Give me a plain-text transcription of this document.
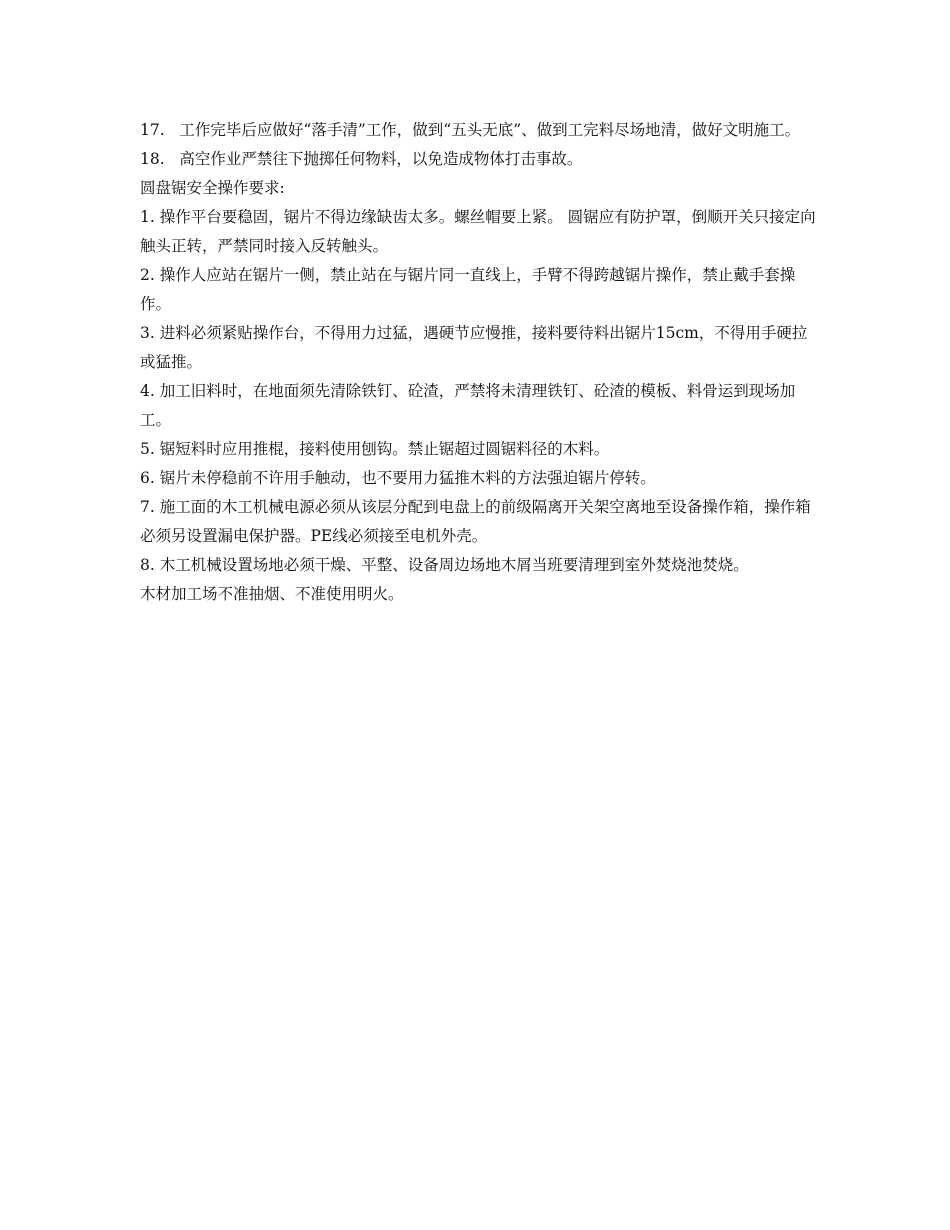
17.   工作完毕后应做好“落手清”工作，做到“五头无底”、做到工完料尽场地清，做好文明施工。

18.   高空作业严禁往下抛掷任何物料，以免造成物体打击事故。

圆盘锯安全操作要求:

1. 操作平台要稳固，锯片不得边缘缺齿太多。螺丝帽要上紧。 圆锯应有防护罩，倒顺开关只接定向触头正转，严禁同时接入反转触头。

2. 操作人应站在锯片一侧，禁止站在与锯片同一直线上，手臂不得跨越锯片操作，禁止戴手套操作。

3. 进料必须紧贴操作台，不得用力过猛，遇硬节应慢推，接料要待料出锯片15cm，不得用手硬拉或猛推。

4. 加工旧料时，在地面须先清除铁钉、砼渣，严禁将未清理铁钉、砼渣的模板、料骨运到现场加工。

5. 锯短料时应用推棍，接料使用刨钩。禁止锯超过圆锯料径的木料。

6. 锯片未停稳前不许用手触动，也不要用力猛推木料的方法强迫锯片停转。

7. 施工面的木工机械电源必须从该层分配到电盘上的前级隔离开关架空离地至设备操作箱，操作箱必须另设置漏电保护器。PE线必须接至电机外壳。

8. 木工机械设置场地必须干燥、平整、设备周边场地木屑当班要清理到室外焚烧池焚烧。

木材加工场不准抽烟、不准使用明火。
